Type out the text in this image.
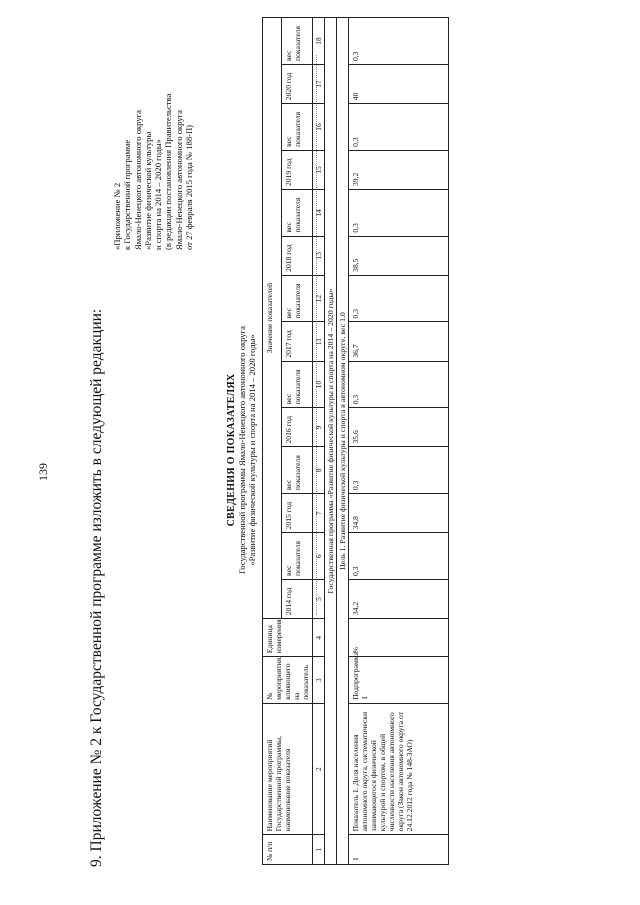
9. Приложение № 2 к Государственной программе изложить в следующей редакции:
139
«Приложение № 2 к Государственной программе Ямало-Ненецкого автономного округа «Развитие физической культуры и спорта на 2014 – 2020 годы» (в редакции постановления Правительства Ямало-Ненецкого автономного округа от 27 февраля 2015 года № 188-П)
СВЕДЕНИЯ О ПОКАЗАТЕЛЯХ Государственной программы Ямало-Ненецкого автономного округа «Развитие физической культуры и спорта на 2014 – 2020 годы»
№ п/п	Наименование мероприятий Государственной программы, наименование показателя	№ мероприятия, влияющего на показатель	Единица измерения	Значение показателей													
				2014 год	вес показателя	2015 год	вес показателя	2016 год	вес показателя	2017 год	вес показателя	2018 год	вес показателя	2019 год	вес показателя	2020 год	вес показателя
1	2	3	4	5	6	7	8	9	10	11	12	13	14	15	16	17	18
Государственная программа «Развитие физической культуры и спорта на 2014 – 2020 годы»																	
Цель 1. Развитие физической культуры и спорта в автономном округе, вес 1,0																	
1	Показатель 1. Доля населения автономного округа, систематически занимающегося физической культурой и спортом, в общей численности населения автономного округа (Закон автономного округа от 24.12.2012 года № 148-ЗАО)	Подпрограмма 1	%	34,2	0,3	34,8	0,3	35,6	0,3	36,7	0,3	38,5	0,3	39,2	0,3	40	0,3
